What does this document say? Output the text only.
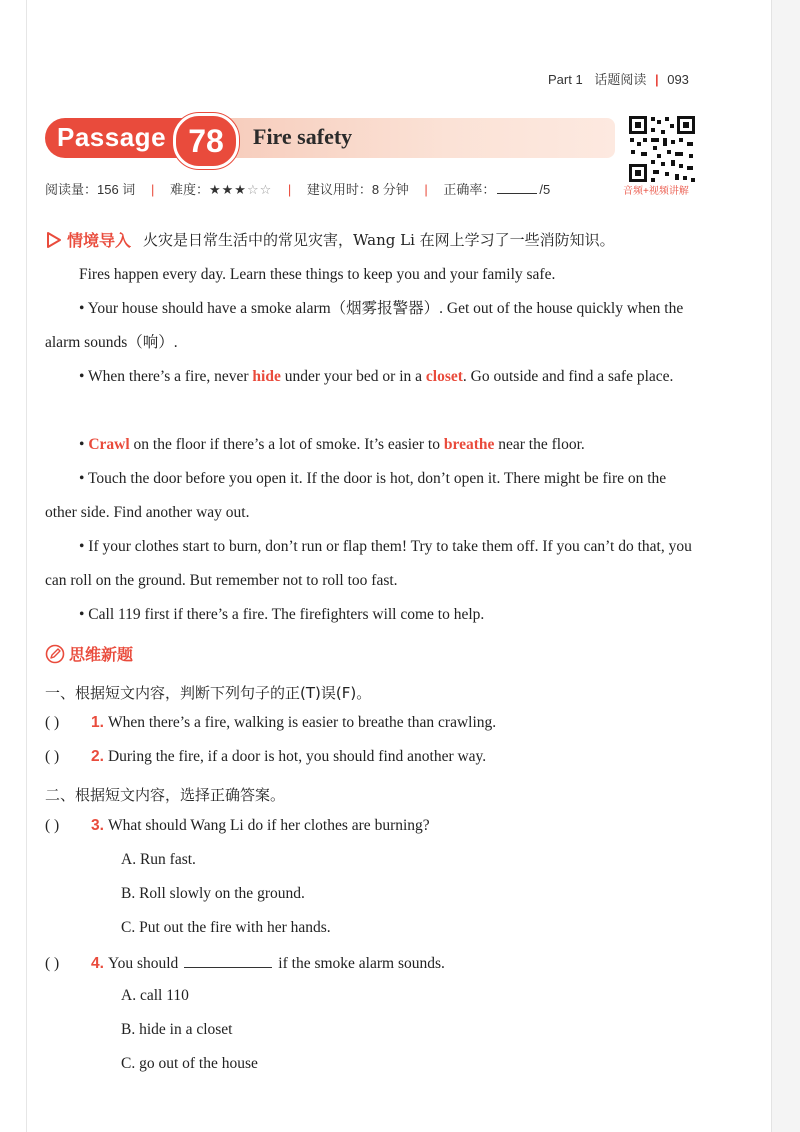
Part 1 话题阅读 | 093
Passage 78 Fire safety
音频+视频讲解
阅读量：156 词 | 难度：★★★☆☆ | 建议用时：8 分钟 | 正确率：	/5
情境导入 火灾是日常生活中的常见灾害，Wang Li 在网上学习了一些消防知识。

Fires happen every day. Learn these things to keep you and your family safe.

• Your house should have a smoke alarm（烟雾报警器）. Get out of the house quickly when the alarm sounds（响）.

• When there’s a fire, never hide under your bed or in a closet. Go outside and find a safe place.

• Crawl on the floor if there’s a lot of smoke. It’s easier to breathe near the floor.

• Touch the door before you open it. If the door is hot, don’t open it. There might be fire on the other side. Find another way out.

• If your clothes start to burn, don’t run or flap them! Try to take them off. If you can’t do that, you can roll on the ground. But remember not to roll too fast.

• Call 119 first if there’s a fire. The firefighters will come to help.

思维新题
一、根据短文内容，判断下列句子的正(T)误(F)。
( ) 1. When there’s a fire, walking is easier to breathe than crawling.
( ) 2. During the fire, if a door is hot, you should find another way.
二、根据短文内容，选择正确答案。
( ) 3. What should Wang Li do if her clothes are burning?
A. Run fast.
B. Roll slowly on the ground.
C. Put out the fire with her hands.
( ) 4. You should	if the smoke alarm sounds.
A. call 110
B. hide in a closet
C. go out of the house
